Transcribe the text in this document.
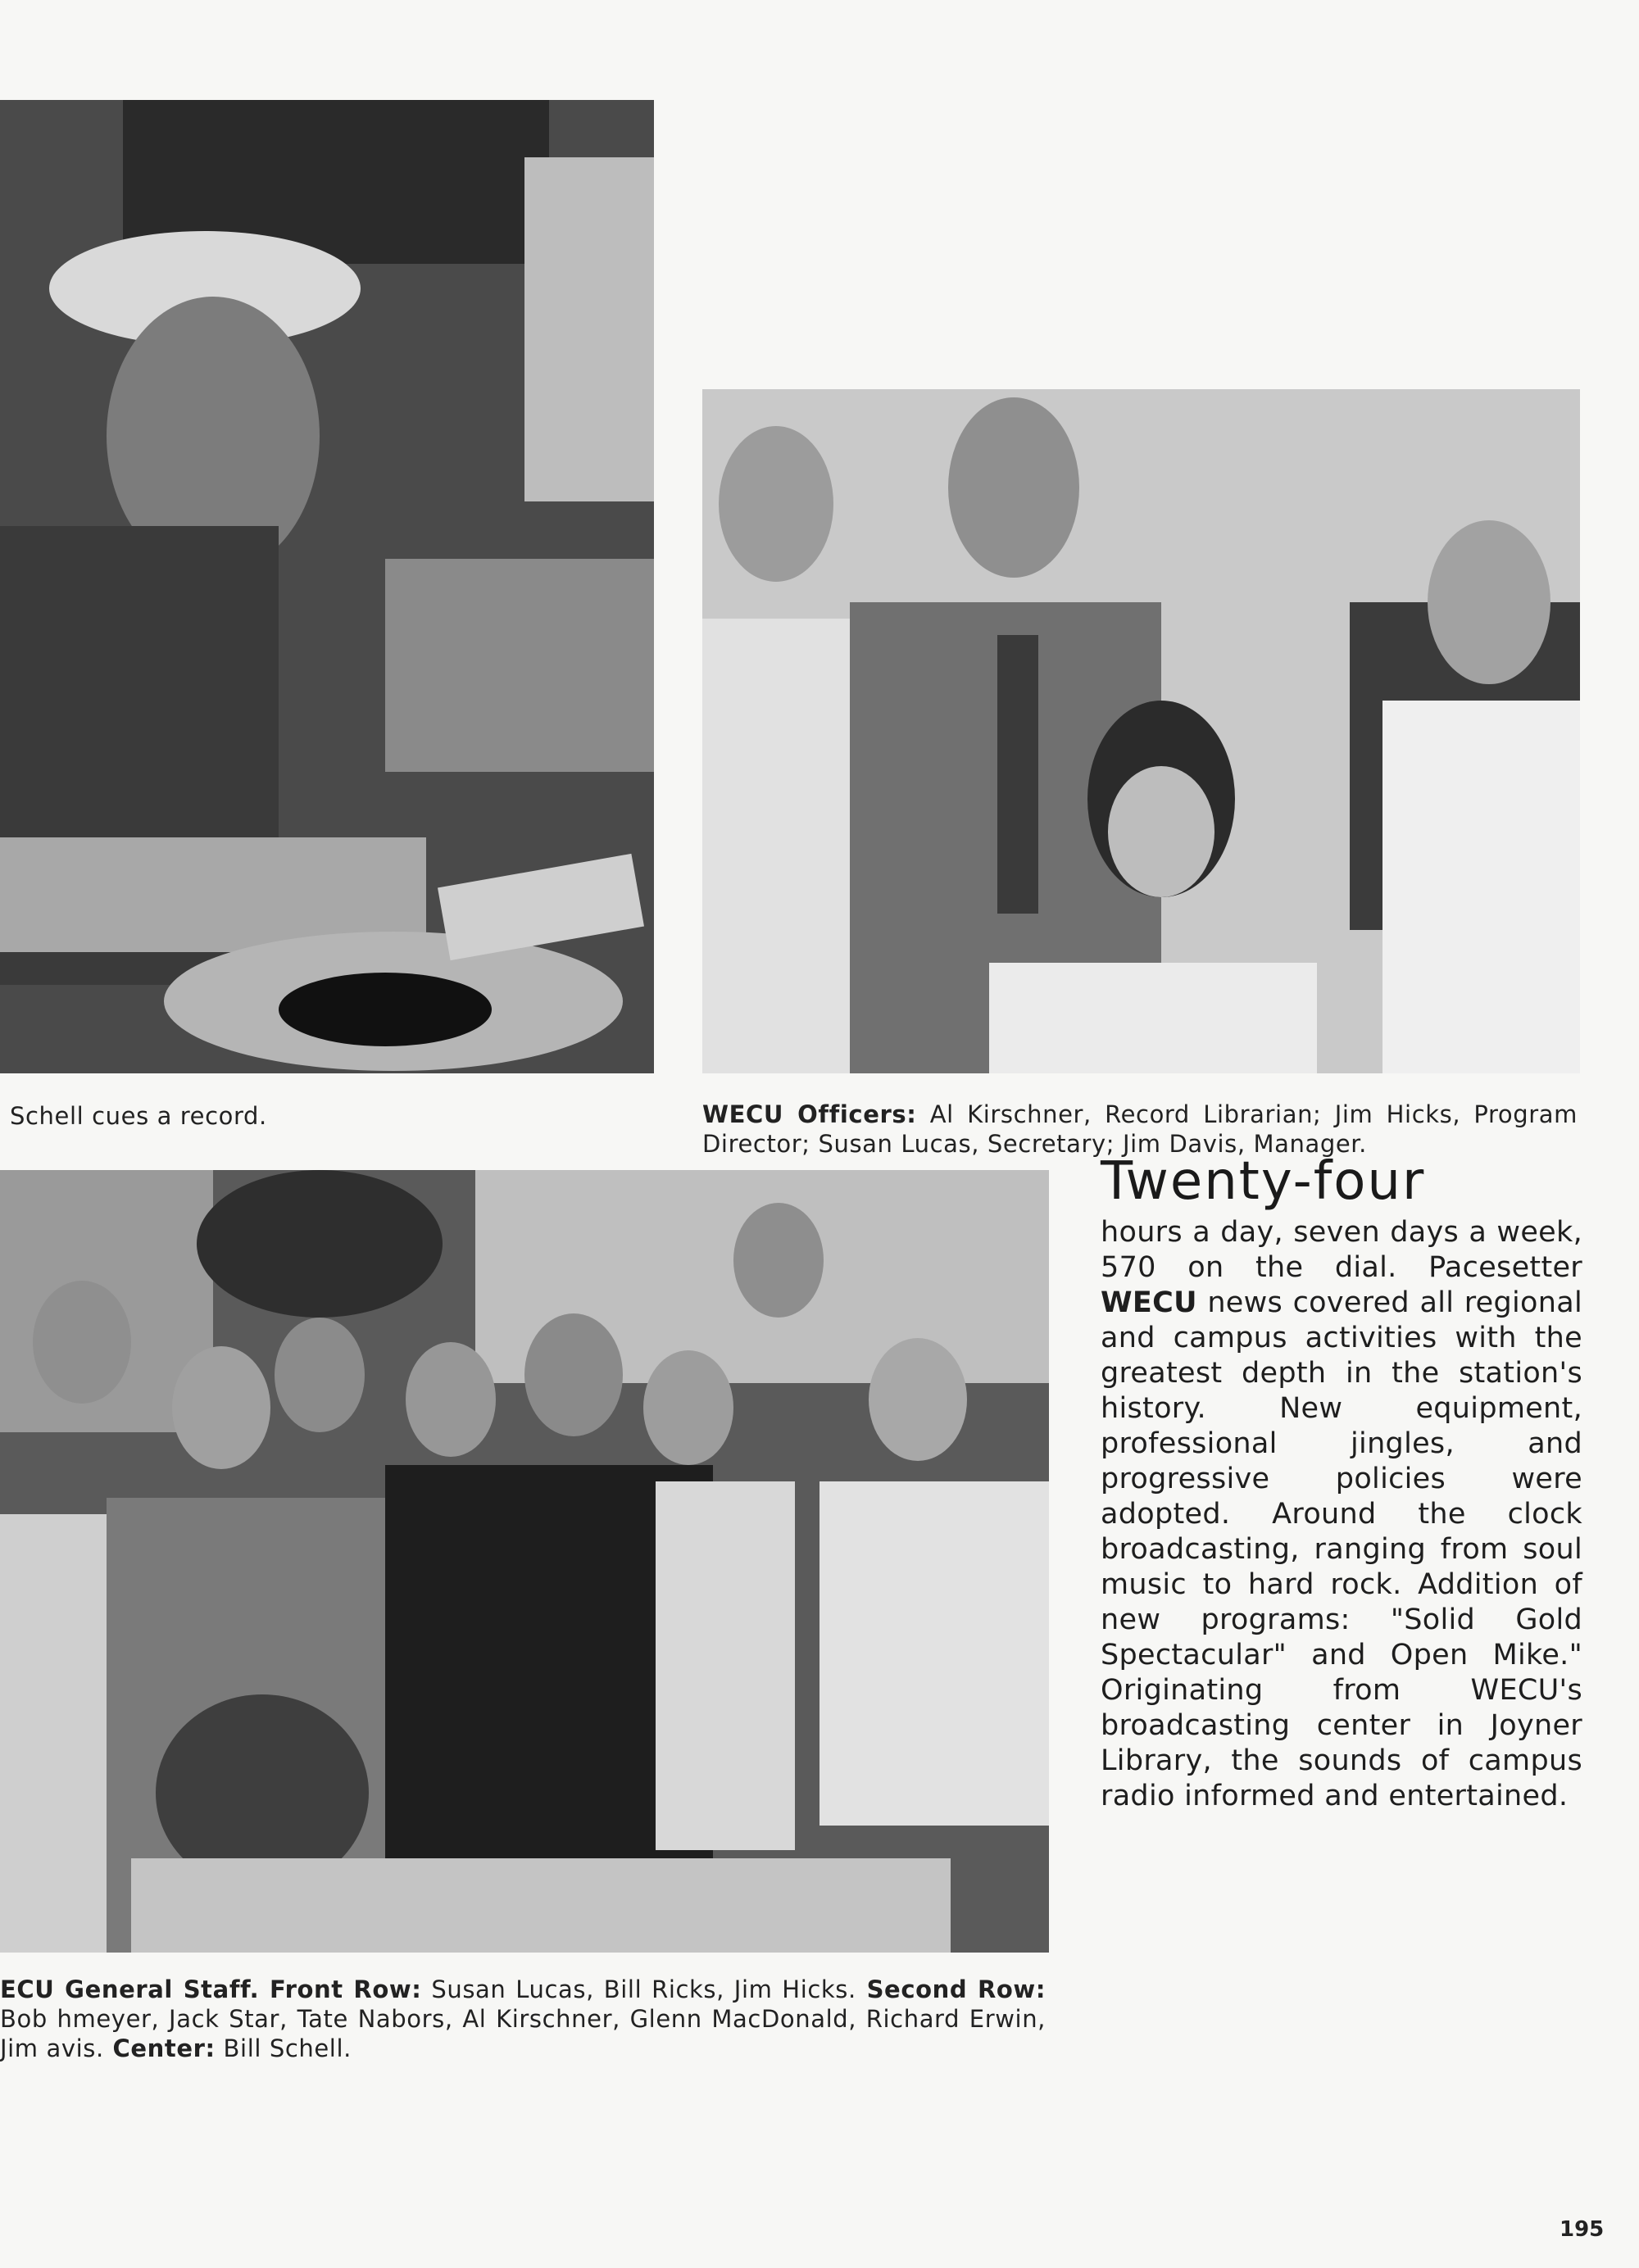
Schell cues a record.	WECU Officers: Al Kirschner, Record Librarian; Jim Hicks, Program Director; Susan Lucas, Secretary; Jim Davis, Manager.
Twenty-four
hours a day, seven days a week, 570 on the dial. Pacesetter WECU news covered all regional and campus activities with the greatest depth in the station's history. New equipment, professional jingles, and progressive policies were adopted. Around the clock broadcasting, ranging from soul music to hard rock. Addition of new programs: "Solid Gold Spectacular" and Open Mike." Originating from WECU's broadcasting center in Joyner Library, the sounds of campus radio informed and entertained.
ECU General Staff. Front Row: Susan Lucas, Bill Ricks, Jim Hicks. Second Row: Bob hmeyer, Jack Star, Tate Nabors, Al Kirschner, Glenn MacDonald, Richard Erwin, Jim avis. Center: Bill Schell.
195
